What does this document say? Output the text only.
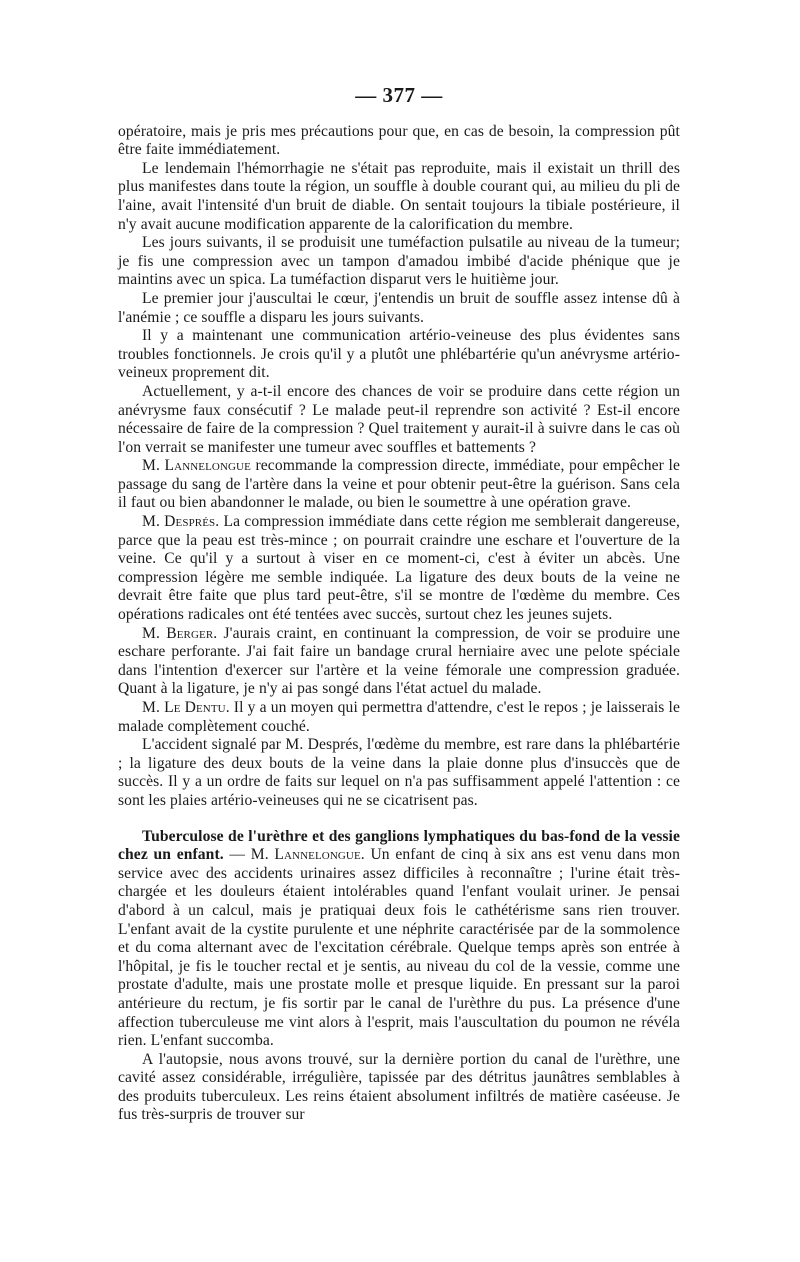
— 377 —

opératoire, mais je pris mes précautions pour que, en cas de besoin, la compression pût être faite immédiatement.

Le lendemain l'hémorrhagie ne s'était pas reproduite, mais il existait un thrill des plus manifestes dans toute la région, un souffle à double courant qui, au milieu du pli de l'aine, avait l'intensité d'un bruit de diable. On sentait toujours la tibiale postérieure, il n'y avait aucune modification apparente de la calorification du membre.

Les jours suivants, il se produisit une tuméfaction pulsatile au niveau de la tumeur; je fis une compression avec un tampon d'amadou imbibé d'acide phénique que je maintins avec un spica. La tuméfaction disparut vers le huitième jour.

Le premier jour j'auscultai le cœur, j'entendis un bruit de souffle assez intense dû à l'anémie ; ce souffle a disparu les jours suivants.

Il y a maintenant une communication artério-veineuse des plus évidentes sans troubles fonctionnels. Je crois qu'il y a plutôt une phlébartérie qu'un anévrysme artério-veineux proprement dit.

Actuellement, y a-t-il encore des chances de voir se produire dans cette région un anévrysme faux consécutif ? Le malade peut-il reprendre son activité ? Est-il encore nécessaire de faire de la compression ? Quel traitement y aurait-il à suivre dans le cas où l'on verrait se manifester une tumeur avec souffles et battements ?

M. Lannelongue recommande la compression directe, immédiate, pour empêcher le passage du sang de l'artère dans la veine et pour obtenir peut-être la guérison. Sans cela il faut ou bien abandonner le malade, ou bien le soumettre à une opération grave.

M. Després. La compression immédiate dans cette région me semblerait dangereuse, parce que la peau est très-mince ; on pourrait craindre une eschare et l'ouverture de la veine. Ce qu'il y a surtout à viser en ce moment-ci, c'est à éviter un abcès. Une compression légère me semble indiquée. La ligature des deux bouts de la veine ne devrait être faite que plus tard peut-être, s'il se montre de l'œdème du membre. Ces opérations radicales ont été tentées avec succès, surtout chez les jeunes sujets.

M. Berger. J'aurais craint, en continuant la compression, de voir se produire une eschare perforante. J'ai fait faire un bandage crural herniaire avec une pelote spéciale dans l'intention d'exercer sur l'artère et la veine fémorale une compression graduée. Quant à la ligature, je n'y ai pas songé dans l'état actuel du malade.

M. Le Dentu. Il y a un moyen qui permettra d'attendre, c'est le repos ; je laisserais le malade complètement couché.

L'accident signalé par M. Després, l'œdème du membre, est rare dans la phlébartérie ; la ligature des deux bouts de la veine dans la plaie donne plus d'insuccès que de succès. Il y a un ordre de faits sur lequel on n'a pas suffisamment appelé l'attention : ce sont les plaies artério-veineuses qui ne se cicatrisent pas.

Tuberculose de l'urèthre et des ganglions lymphatiques du bas-fond de la vessie chez un enfant. — M. Lannelongue. Un enfant de cinq à six ans est venu dans mon service avec des accidents urinaires assez difficiles à reconnaître ; l'urine était très-chargée et les douleurs étaient intolérables quand l'enfant voulait uriner. Je pensai d'abord à un calcul, mais je pratiquai deux fois le cathétérisme sans rien trouver. L'enfant avait de la cystite purulente et une néphrite caractérisée par de la sommolence et du coma alternant avec de l'excitation cérébrale. Quelque temps après son entrée à l'hôpital, je fis le toucher rectal et je sentis, au niveau du col de la vessie, comme une prostate d'adulte, mais une prostate molle et presque liquide. En pressant sur la paroi antérieure du rectum, je fis sortir par le canal de l'urèthre du pus. La présence d'une affection tuberculeuse me vint alors à l'esprit, mais l'auscultation du poumon ne révéla rien. L'enfant succomba.

A l'autopsie, nous avons trouvé, sur la dernière portion du canal de l'urèthre, une cavité assez considérable, irrégulière, tapissée par des détritus jaunâtres semblables à des produits tuberculeux. Les reins étaient absolument infiltrés de matière caséeuse. Je fus très-surpris de trouver sur
